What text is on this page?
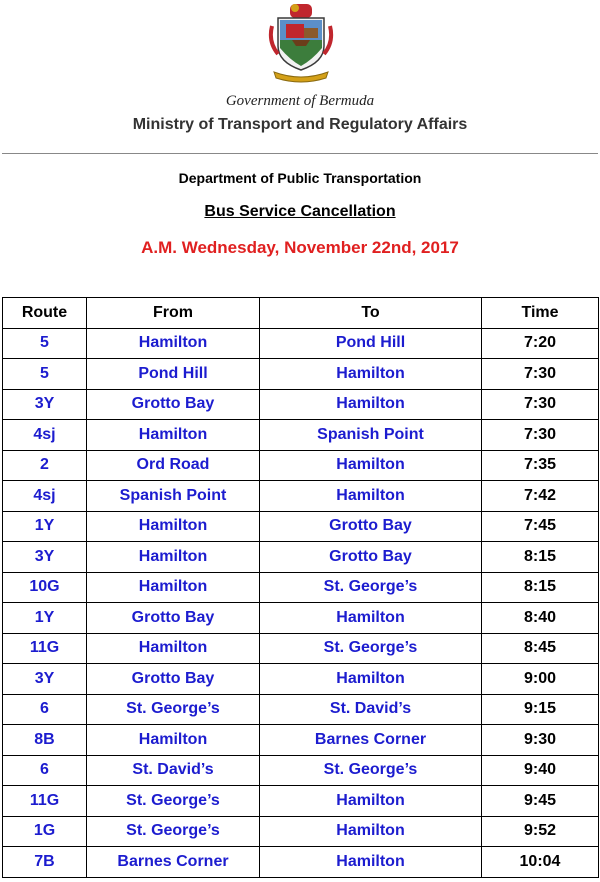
Government of Bermuda
Ministry of Transport and Regulatory Affairs
Department of Public Transportation
Bus Service Cancellation
A.M. Wednesday, November 22nd, 2017
Route	From	To	Time
5	Hamilton	Pond Hill	7:20
5	Pond Hill	Hamilton	7:30
3Y	Grotto Bay	Hamilton	7:30
4sj	Hamilton	Spanish Point	7:30
2	Ord Road	Hamilton	7:35
4sj	Spanish Point	Hamilton	7:42
1Y	Hamilton	Grotto Bay	7:45
3Y	Hamilton	Grotto Bay	8:15
10G	Hamilton	St. George’s	8:15
1Y	Grotto Bay	Hamilton	8:40
11G	Hamilton	St. George’s	8:45
3Y	Grotto Bay	Hamilton	9:00
6	St. George’s	St. David’s	9:15
8B	Hamilton	Barnes Corner	9:30
6	St. David’s	St. George’s	9:40
11G	St. George’s	Hamilton	9:45
1G	St. George’s	Hamilton	9:52
7B	Barnes Corner	Hamilton	10:04
